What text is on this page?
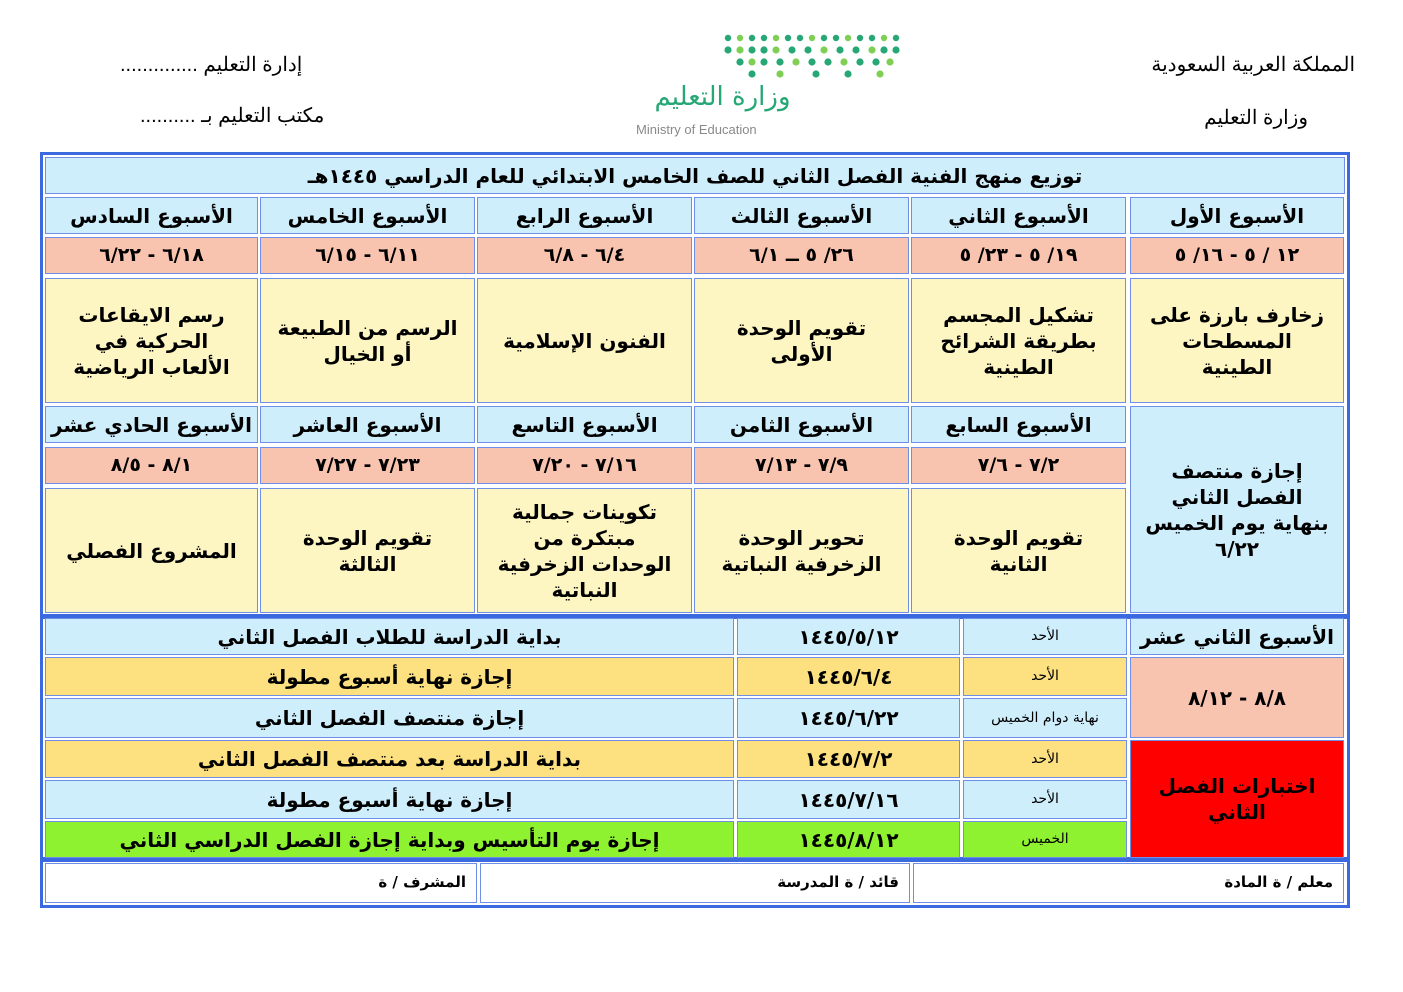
المملكة العربية السعودية
وزارة التعليم
إدارة التعليم ..............
مكتب التعليم بـ ..........
وزارة التعليم
Ministry of Education
توزيع منهج الفنية الفصل الثاني للصف الخامس الابتدائي للعام الدراسي ١٤٤٥هـ
الأسبوع الأول
١٢ / ٥ - ١٦/ ٥
زخارف بارزة على المسطحات الطينية
الأسبوع الثاني
١٩/ ٥ - ٢٣/ ٥
تشكيل المجسم بطريقة الشرائح الطينية
الأسبوع الثالث
٢٦/ ٥ ــ ٦/١
تقويم الوحدة الأولى
الأسبوع الرابع
٦/٤ - ٦/٨
الفنون الإسلامية
الأسبوع الخامس
٦/١١ - ٦/١٥
الرسم من الطبيعة أو الخيال
الأسبوع السادس
٦/١٨ - ٦/٢٢
رسم الايقاعات الحركية في الألعاب الرياضية
إجازة منتصف الفصل الثاني بنهاية يوم الخميس ٦/٢٢
الأسبوع السابع
٧/٢ - ٧/٦
تقويم الوحدة الثانية
الأسبوع الثامن
٧/٩ - ٧/١٣
تحوير الوحدة الزخرفية النباتية
الأسبوع التاسع
٧/١٦ - ٧/٢٠
تكوينات جمالية مبتكرة من الوحدات الزخرفية النباتية
الأسبوع العاشر
٧/٢٣ - ٧/٢٧
تقويم الوحدة الثالثة
الأسبوع الحادي عشر
٨/١ - ٨/٥
المشروع الفصلي
الأسبوع الثاني عشر
٨/٨ - ٨/١٢
اختبارات الفصل الثاني
الأحد
١٤٤٥/٥/١٢
بداية الدراسة للطلاب الفصل الثاني
الأحد
١٤٤٥/٦/٤
إجازة نهاية أسبوع مطولة
نهاية دوام الخميس
١٤٤٥/٦/٢٢
إجازة منتصف الفصل الثاني
الأحد
١٤٤٥/٧/٢
بداية الدراسة بعد منتصف الفصل الثاني
الأحد
١٤٤٥/٧/١٦
إجازة نهاية أسبوع مطولة
الخميس
١٤٤٥/٨/١٢
إجازة يوم التأسيس وبداية إجازة الفصل الدراسي الثاني
معلم / ة المادة
قائد / ة المدرسة
المشرف / ة
